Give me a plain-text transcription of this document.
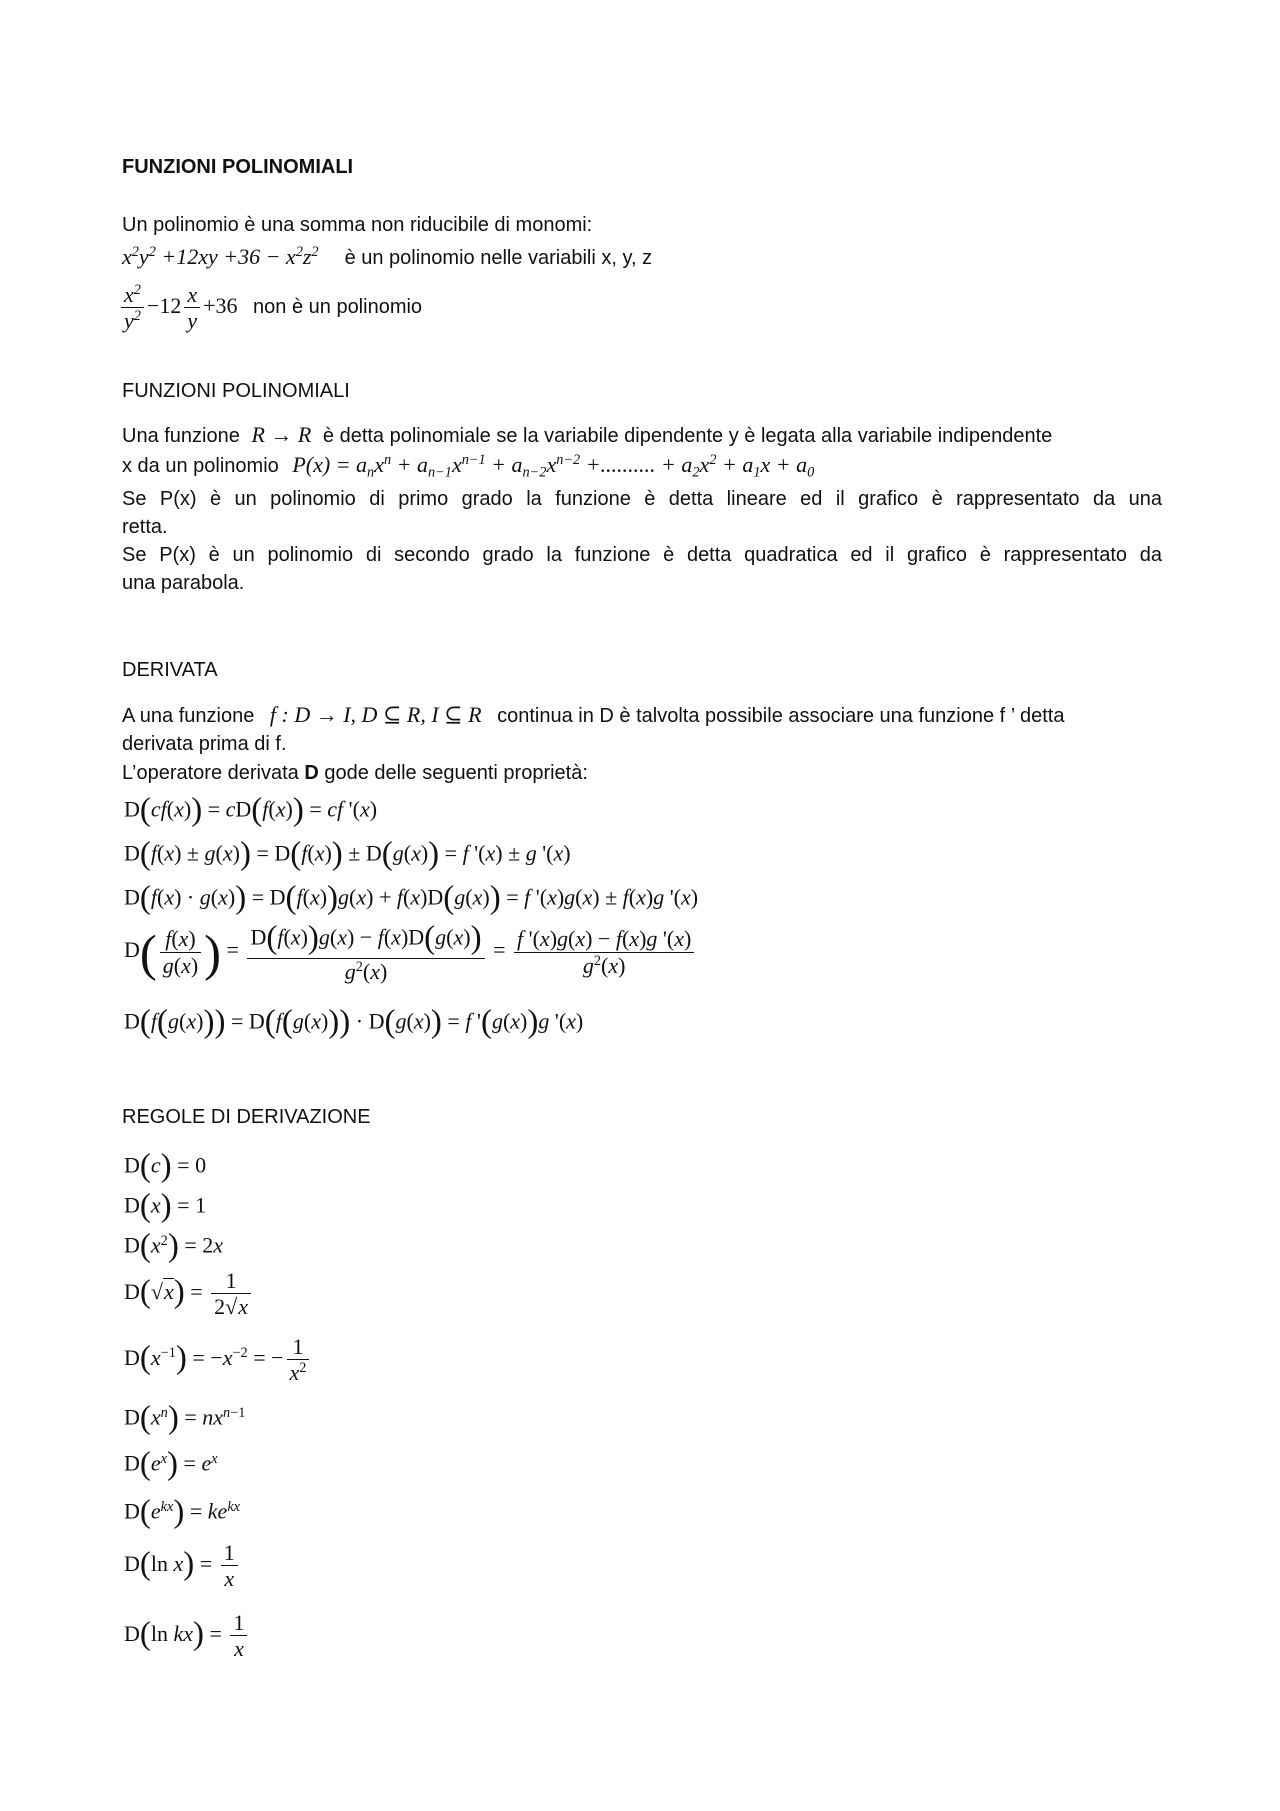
FUNZIONI POLINOMIALI
Un polinomio è una somma non riducibile di monomi:
$x^2y^2 +12xy +36 - x^2z^2$ è un polinomio nelle variabili x, y, z
$\frac{x^2}{y^2} -12 \frac{x}{y} +36$ non è un polinomio
FUNZIONI POLINOMIALI
Una funzione R → R è detta polinomiale se la variabile dipendente y è legata alla variabile indipendente
x da un polinomio $P(x) = a_nx^n + a_{n-1}x^{n-1} + a_{n-2}x^{n-2}$ +.......... + $a_2x^2 + a_1x + a_0$
Se P(x) è un polinomio di primo grado la funzione è detta lineare ed il grafico è rappresentato da una
retta.
Se P(x) è un polinomio di secondo grado la funzione è detta quadratica ed il grafico è rappresentato da
una parabola.
DERIVATA
A una funzione f : D → I, D ⊆ R, I ⊆ R continua in D è talvolta possibile associare una funzione f ’ detta
derivata prima di f.
L’operatore derivata D gode delle seguenti proprietà:
D(cf(x)) = cD(f(x)) = cf '(x)
D(f(x) ± g(x)) = D(f(x)) ± D(g(x)) = f '(x) ± g '(x)
D(f(x) · g(x)) = D(f(x))g(x) + f(x)D(g(x)) = f '(x)g(x) ± f(x)g '(x)
$D( \frac{f(x)}{g(x)}$ ) = $\frac{D(f(x))g(x) - f(x)D(g(x))}{g^2(x)} = \frac{f '(x)g(x) - f(x)g '(x)}{g^2(x)}$
D(f(g(x))) = D(f(g(x))) · D(g(x)) = f '(g(x))g '(x)
REGOLE DI DERIVAZIONE
D(c) = 0
D(x) = 1
$D(x^2) = 2x$
$D(√x) = \frac{1}{2√x}$
$D(x^{-1}) = -x^{-2}$ = − $\frac{1}{x^2}$
$D(x^n) = nx^{n-1}$
$D(e^x) = e^x$
$D(e^{kx}) = ke^{kx}$
D(ln $x) = \frac{1}{x}$
D(ln $kx) = \frac{1}{x}$
